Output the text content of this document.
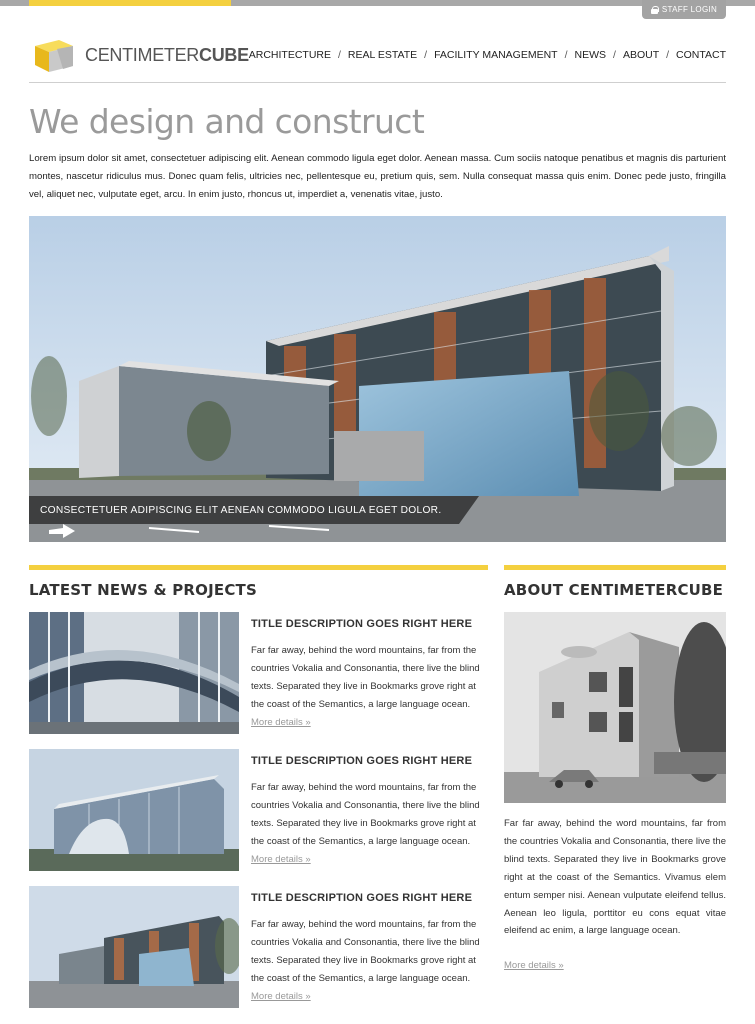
STAFF LOGIN
CENTIMETERCUBE ARCHITECTURE / REAL ESTATE / FACILITY MANAGEMENT / NEWS / ABOUT / CONTACT
We design and construct

Lorem ipsum dolor sit amet, consectetuer adipiscing elit. Aenean commodo ligula eget dolor. Aenean massa. Cum sociis natoque penatibus et magnis dis parturient montes, nascetur ridiculus mus. Donec quam felis, ultricies nec, pellentesque eu, pretium quis, sem. Nulla consequat massa quis enim. Donec pede justo, fringilla vel, aliquet nec, vulputate eget, arcu. In enim justo, rhoncus ut, imperdiet a, venenatis vitae, justo.

CONSECTETUER ADIPISCING ELIT AENEAN COMMODO LIGULA EGET DOLOR.
LATEST NEWS & PROJECTS	ABOUT CENTIMETERCUBE
TITLE DESCRIPTION GOES RIGHT HERE
Far far away, behind the word mountains, far from the countries Vokalia and Consonantia, there live the blind texts. Separated they live in Bookmarks grove right at the coast of the Semantics, a large language ocean. More details »
TITLE DESCRIPTION GOES RIGHT HERE
Far far away, behind the word mountains, far from the countries Vokalia and Consonantia, there live the blind texts. Separated they live in Bookmarks grove right at the coast of the Semantics, a large language ocean. More details »
TITLE DESCRIPTION GOES RIGHT HERE
Far far away, behind the word mountains, far from the countries Vokalia and Consonantia, there live the blind texts. Separated they live in Bookmarks grove right at the coast of the Semantics, a large language ocean. More details »

Far far away, behind the word mountains, far from the countries Vokalia and Consonantia, there live the blind texts. Separated they live in Bookmarks grove right at the coast of the Semantics. Vivamus elem entum semper nisi. Aenean vulputate eleifend tellus. Aenean leo ligula, porttitor eu cons equat vitae eleifend ac enim, a large language ocean.

More details »
